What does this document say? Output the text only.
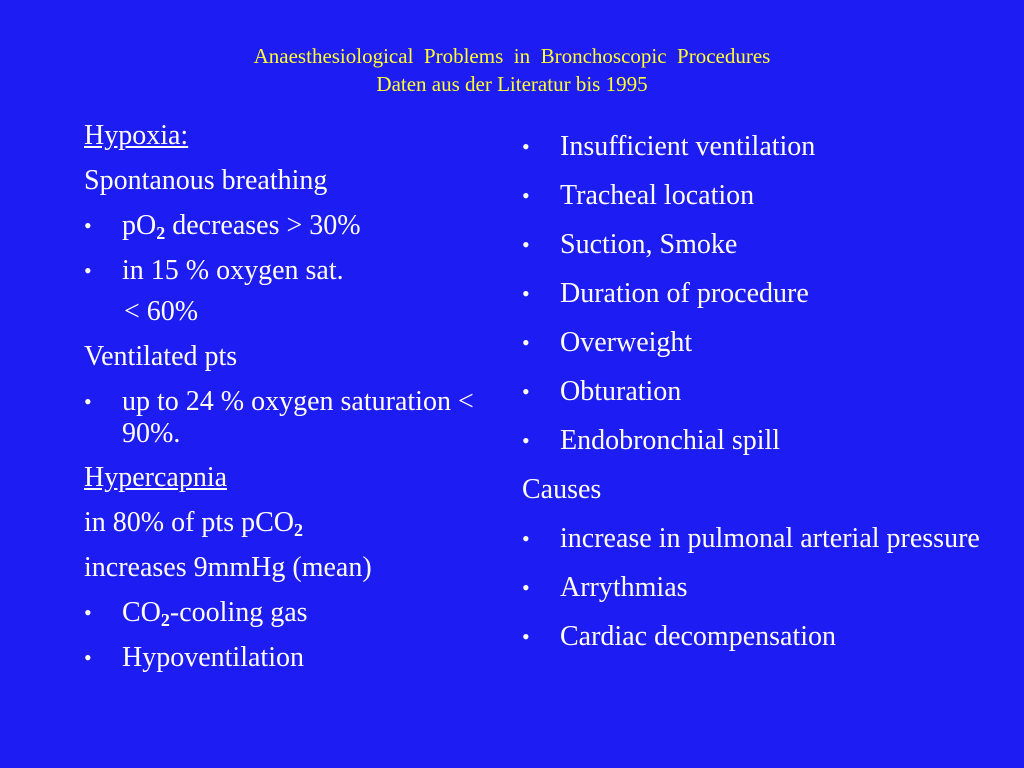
Anaesthesiological  Problems  in  Bronchoscopic  Procedures
Daten aus der Literatur bis 1995
Hypoxia:
Spontanous breathing
•	$pO_2$ decreases > 30%
•	in 15 % oxygen sat.
< 60%
Ventilated pts
•	up to 24 % oxygen saturation < 90%.
Hypercapnia
in 80% of pts pCO$_2$
increases 9mmHg (mean)
•	$CO_2$-cooling gas
•	Hypoventilation
•	Insufficient ventilation
•	Tracheal location
•	Suction, Smoke
•	Duration of procedure
•	Overweight
•	Obturation
•	Endobronchial spill
Causes
•	increase in pulmonal arterial pressure
•	Arrythmias
•	Cardiac decompensation
